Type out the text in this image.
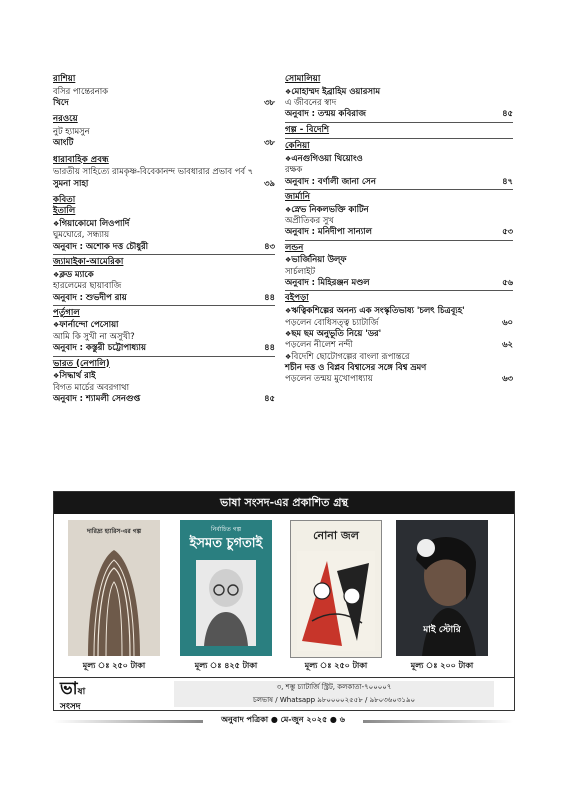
রাশিয়া

বসির পান্তেরনাক

খিদে	৩৮

নরওয়ে

নুট হ্যামসুন

আংটি	৩৮

ধারাবাহিক প্রবন্ধ

ভারতীয় সাহিত্যে রামকৃষ্ণ-বিবেকানন্দ ভাবধারার প্রভাব পর্ব ৭

সুমনা সাহা	৩৯

কবিতা

ইতালি

❖ গিয়াকোমো লিওপার্দি

ঘুমঘোরে, সন্ধ্যায়

অনুবাদ : অশোক দত্ত চৌধুরী	৪৩

জ্যামাইকা-আমেরিকা

❖ ক্লড ম্যাকে

হারলেমের ছায়াবাজি

অনুবাদ : শুভদীপ রায়	৪৪

পর্তুগাল

❖ ফার্নান্দো পেসোয়া

আমি কি সুখী না অসুখী?

অনুবাদ : কস্তুরী চট্টোপাধ্যায়	৪৪

ভারত (নেপালি)

❖ সিদ্ধার্থ রাই

বিগত মার্চের অবরগাথা

অনুবাদ : শ্যামলী সেনগুপ্ত	৪৫

সোমালিয়া

❖ মোহাম্মদ ইব্রাহিম ওয়ারসাম

এ জীবনের স্বাদ

অনুবাদ : তন্ময় কবিরাজ	৪৫

গল্প - বিদেশি

কেনিয়া

❖ এনগুগিওয়া থিয়োংও

রক্ষক

অনুবাদ : বর্ণালী জানা সেন	৪৭

জার্মানি

❖ স্নেভ নিকলভক্তি কাটিন

অপ্রীতিকর সুখ

অনুবাদ : মনিদীপা সান্যাল	৫৩

লন্ডন

❖ ভার্জিনিয়া উল্‌ফ

সার্চলাইট

অনুবাদ : মিহিরঞ্জন মণ্ডল	৫৬

বইপড়া

❖ ঋত্বিকশিল্পের অনন্য এক সংস্কৃতিভাষ্য 'চলৎ চিত্রব্যূহ'

পড়লেন বোধিসত্ত্ব চ্যাটার্জি	৬০

❖ ছম ছম অনুভূতি নিয়ে 'ডর'

পড়লেন নীলেশ নন্দী	৬২

❖ বিদেশি ছোটোগল্পের বাংলা রূপান্তরে

শচীন দত্ত ও বিপ্লব বিশ্বাসের সঙ্গে বিশ্ব ভ্রমণ

পড়লেন তন্ময় মুখোপাধ্যায়	৬৩

ভাষা সংসদ-এর প্রকাশিত গ্রন্থ
দারিদ্র্য হ্যারিস-এর গল্প
মূল্য ঃ ২৫০ টাকা
নির্বাচিত গল্প
ইসমত চুগতাই
মূল্য ঃ ৪২৫ টাকা
নোনা জল
মূল্য ঃ ২৫০ টাকা
মাই স্টোরি
মূল্য ঃ ২০০ টাকা
ভাষা সংসদ
৩, শম্ভু চ্যাটার্জি স্ট্রিট, কলকাতা-৭০০০০৭
চলভাষ / Whatsapp ৯৮০০০০২৫৫৮ / ৯৮০৩৬০৩১৯০
অনুবাদ পত্রিকা ● মে-জুন ২০২৫ ● ৬
